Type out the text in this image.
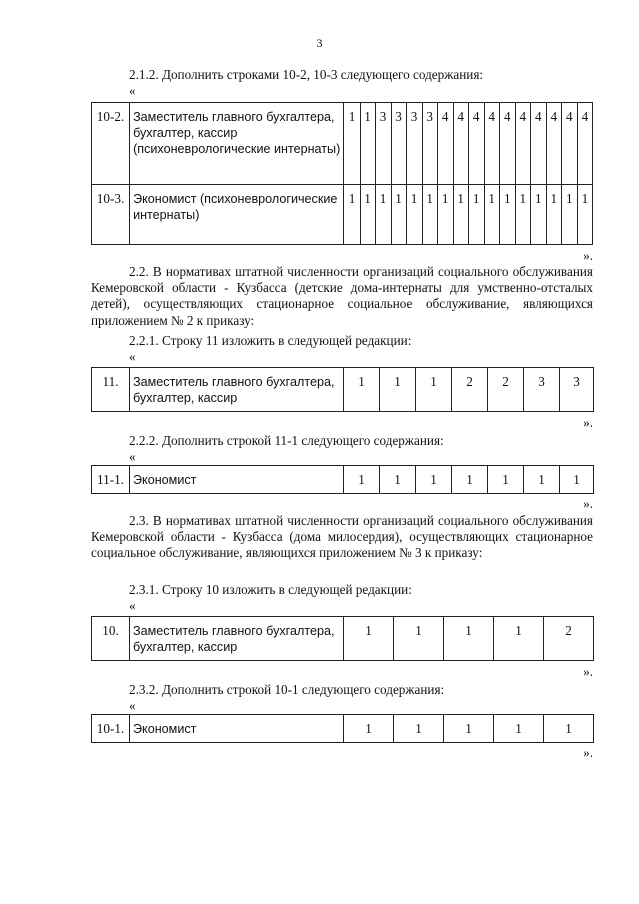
3
2.1.2. Дополнить строками 10-2, 10-3 следующего содержания:
«
10-2.	Заместитель главного бухгалтера, бухгалтер, кассир (психоневрологические интернаты)	1	1	3	3	3	3	4	4	4	4	4	4	4	4	4	4
10-3.	Экономист (психоневрологические интернаты)	1	1	1	1	1	1	1	1	1	1	1	1	1	1	1	1
».
2.2. В нормативах штатной численности организаций социального обслуживания Кемеровской области - Кузбасса (детские дома-интернаты для умственно-отсталых детей), осуществляющих стационарное социальное обслуживание, являющихся приложением № 2 к приказу:
2.2.1. Строку 11 изложить в следующей редакции:
«
11.	Заместитель главного бухгалтера, бухгалтер, кассир	1	1	1	2	2	3	3
».
2.2.2. Дополнить строкой 11-1 следующего содержания:
«
11-1.	Экономист	1	1	1	1	1	1	1
».
2.3. В нормативах штатной численности организаций социального обслуживания Кемеровской области - Кузбасса (дома милосердия), осуществляющих стационарное социальное обслуживание, являющихся приложением № 3 к приказу:
2.3.1. Строку 10 изложить в следующей редакции:
«
10.	Заместитель главного бухгалтера, бухгалтер, кассир	1	1	1	1	2
».
2.3.2. Дополнить строкой 10-1 следующего содержания:
«
10-1.	Экономист	1	1	1	1	1
».
